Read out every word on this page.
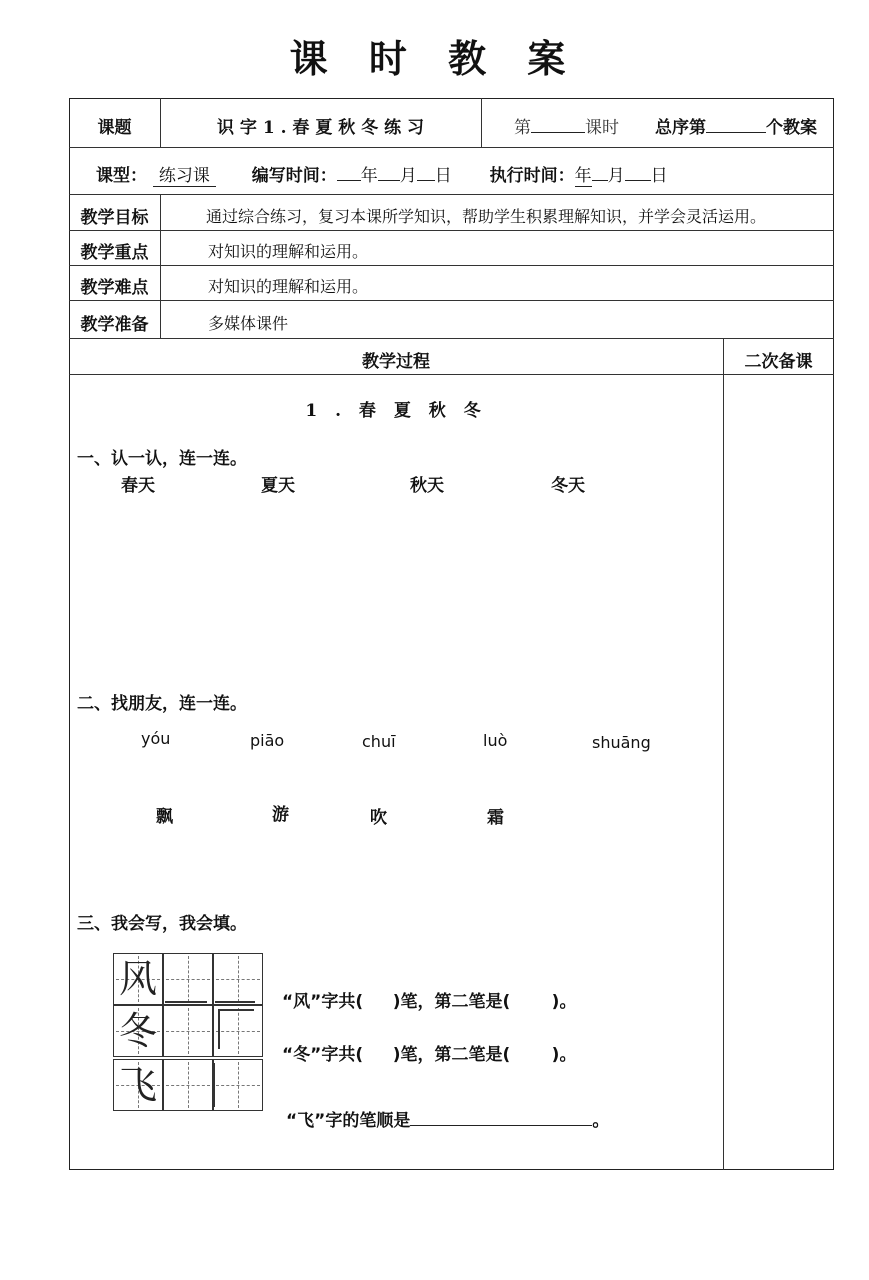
课 时 教 案
课题	识 字 1 . 春 夏 秋 冬 练 习	第	课时 总序第	个教案
课型： 练习课 编写时间： 年 月 日 执行时间：年 月 日
教学目标	通过综合练习，复习本课所学知识，帮助学生积累理解知识，并学会灵活运用。
教学重点	对知识的理解和运用。
教学难点	对知识的理解和运用。
教学准备	多媒体课件
教学过程	二次备课
1 . 春 夏 秋 冬
一、认一认，连一连。
春天	夏天	秋天	冬天
二、找朋友，连一连。
yóu	piāo	chuī	luò	shuāng
飘	游	吹	霜
三、我会写，我会填。
风
冬
飞
“风”字共(     )笔，第二笔是(       )。
“冬”字共(     )笔，第二笔是(       )。
“飞”字的笔顺是	。
